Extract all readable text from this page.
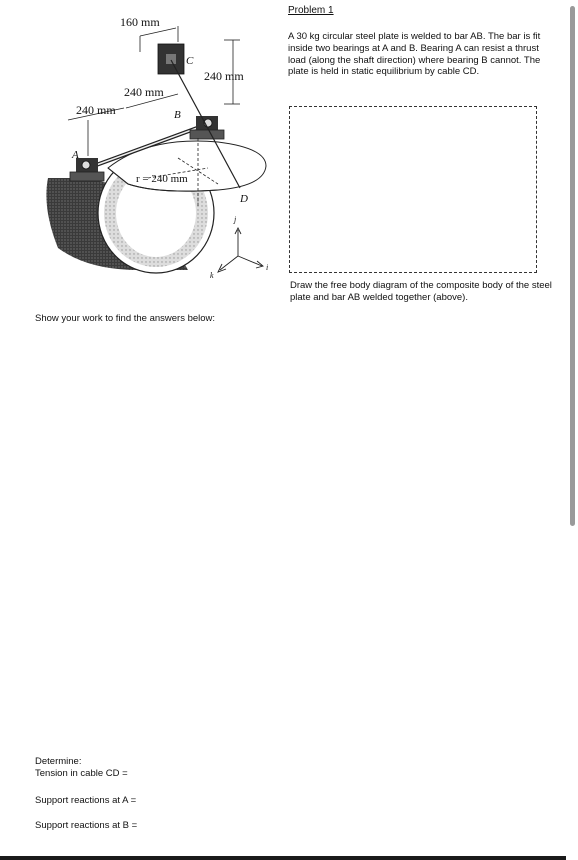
160 mm
240 mm
240 mm
240 mm
r = 240 mm
A
B
C
D
j
i
k
Problem 1
A 30 kg circular steel plate is welded to bar AB. The bar is fit inside two bearings at A and B. Bearing A can resist a thrust load (along the shaft direction) where bearing B cannot. The plate is held in static equilibrium by cable CD.
Draw the free body diagram of the composite body of the steel plate and bar AB welded together (above).
Show your work to find the answers below:
Determine:
Tension in cable CD =
Support reactions at A =
Support reactions at B =
